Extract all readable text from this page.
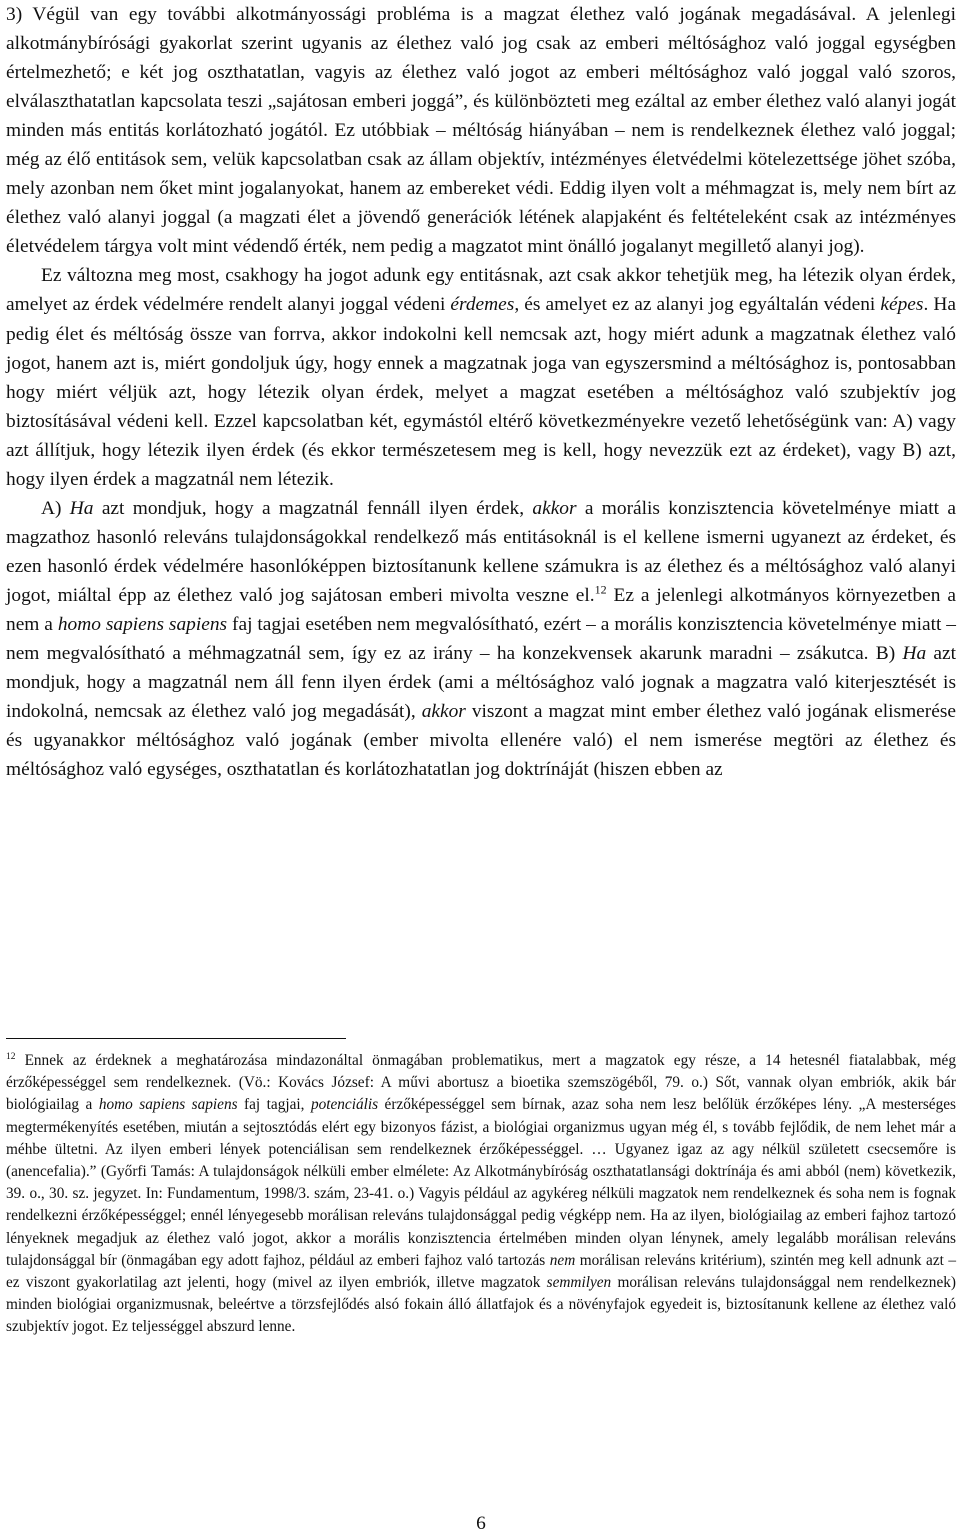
3) Végül van egy további alkotmányossági probléma is a magzat élethez való jogának megadásával. A jelenlegi alkotmánybírósági gyakorlat szerint ugyanis az élethez való jog csak az emberi méltósághoz való joggal egységben értelmezhető; e két jog oszthatatlan, vagyis az élethez való jogot az emberi méltósághoz való joggal való szoros, elválaszthatatlan kapcsolata teszi „sajátosan emberi joggá”, és különbözteti meg ezáltal az ember élethez való alanyi jogát minden más entitás korlátozható jogától. Ez utóbbiak – méltóság hiányában – nem is rendelkeznek élethez való joggal; még az élő entitások sem, velük kapcsolatban csak az állam objektív, intézményes életvédelmi kötelezettsége jöhet szóba, mely azonban nem őket mint jogalanyokat, hanem az embereket védi. Eddig ilyen volt a méhmagzat is, mely nem bírt az élethez való alanyi joggal (a magzati élet a jövendő generációk létének alapjaként és feltételeként csak az intézményes életvédelem tárgya volt mint védendő érték, nem pedig a magzatot mint önálló jogalanyt megillető alanyi jog).

Ez változna meg most, csakhogy ha jogot adunk egy entitásnak, azt csak akkor tehetjük meg, ha létezik olyan érdek, amelyet az érdek védelmére rendelt alanyi joggal védeni érdemes, és amelyet ez az alanyi jog egyáltalán védeni képes. Ha pedig élet és méltóság össze van forrva, akkor indokolni kell nemcsak azt, hogy miért adunk a magzatnak élethez való jogot, hanem azt is, miért gondoljuk úgy, hogy ennek a magzatnak joga van egyszersmind a méltósághoz is, pontosabban hogy miért véljük azt, hogy létezik olyan érdek, melyet a magzat esetében a méltósághoz való szubjektív jog biztosításával védeni kell. Ezzel kapcsolatban két, egymástól eltérő következményekre vezető lehetőségünk van: A) vagy azt állítjuk, hogy létezik ilyen érdek (és ekkor természetesem meg is kell, hogy nevezzük ezt az érdeket), vagy B) azt, hogy ilyen érdek a magzatnál nem létezik.

A) Ha azt mondjuk, hogy a magzatnál fennáll ilyen érdek, akkor a morális konzisztencia követelménye miatt a magzathoz hasonló releváns tulajdonságokkal rendelkező más entitásoknál is el kellene ismerni ugyanezt az érdeket, és ezen hasonló érdek védelmére hasonlóképpen biztosítanunk kellene számukra is az élethez és a méltósághoz való alanyi jogot, miáltal épp az élethez való jog sajátosan emberi mivolta veszne el.$^{12}$ Ez a jelenlegi alkotmányos környezetben a nem a homo sapiens sapiens faj tagjai esetében nem megvalósítható, ezért – a morális konzisztencia követelménye miatt – nem megvalósítható a méhmagzatnál sem, így ez az irány – ha konzekvensek akarunk maradni – zsákutca. B) Ha azt mondjuk, hogy a magzatnál nem áll fenn ilyen érdek (ami a méltósághoz való jognak a magzatra való kiterjesztését is indokolná, nemcsak az élethez való jog megadását), akkor viszont a magzat mint ember élethez való jogának elismerése és ugyanakkor méltósághoz való jogának (ember mivolta ellenére való) el nem ismerése megtöri az élethez és méltósághoz való egységes, oszthatatlan és korlátozhatatlan jog doktrínáját (hiszen ebben az

$^{12}$ Ennek az érdeknek a meghatározása mindazonáltal önmagában problematikus, mert a magzatok egy része, a 14 hetesnél fiatalabbak, még érzőképességgel sem rendelkeznek. (Vö.: Kovács József: A művi abortusz a bioetika szemszögéből, 79. o.) Sőt, vannak olyan embriók, akik bár biológiailag a homo sapiens sapiens faj tagjai, potenciális érzőképességgel sem bírnak, azaz soha nem lesz belőlük érzőképes lény. „A mesterséges megtermékenyítés esetében, miután a sejtosztódás elért egy bizonyos fázist, a biológiai organizmus ugyan még él, s tovább fejlődik, de nem lehet már a méhbe ültetni. Az ilyen emberi lények potenciálisan sem rendelkeznek érzőképességgel. … Ugyanez igaz az agy nélkül született csecsemőre is (anencefalia).” (Győrfi Tamás: A tulajdonságok nélküli ember elmélete: Az Alkotmánybíróság oszthatatlansági doktrínája és ami abból (nem) következik, 39. o., 30. sz. jegyzet. In: Fundamentum, 1998/3. szám, 23-41. o.) Vagyis például az agykéreg nélküli magzatok nem rendelkeznek és soha nem is fognak rendelkezni érzőképességgel; ennél lényegesebb morálisan releváns tulajdonsággal pedig végképp nem. Ha az ilyen, biológiailag az emberi fajhoz tartozó lényeknek megadjuk az élethez való jogot, akkor a morális konzisztencia értelmében minden olyan lénynek, amely legalább morálisan releváns tulajdonsággal bír (önmagában egy adott fajhoz, például az emberi fajhoz való tartozás nem morálisan releváns kritérium), szintén meg kell adnunk azt – ez viszont gyakorlatilag azt jelenti, hogy (mivel az ilyen embriók, illetve magzatok semmilyen morálisan releváns tulajdonsággal nem rendelkeznek) minden biológiai organizmusnak, beleértve a törzsfejlődés alsó fokain álló állatfajok és a növényfajok egyedeit is, biztosítanunk kellene az élethez való szubjektív jogot. Ez teljességgel abszurd lenne.

6
